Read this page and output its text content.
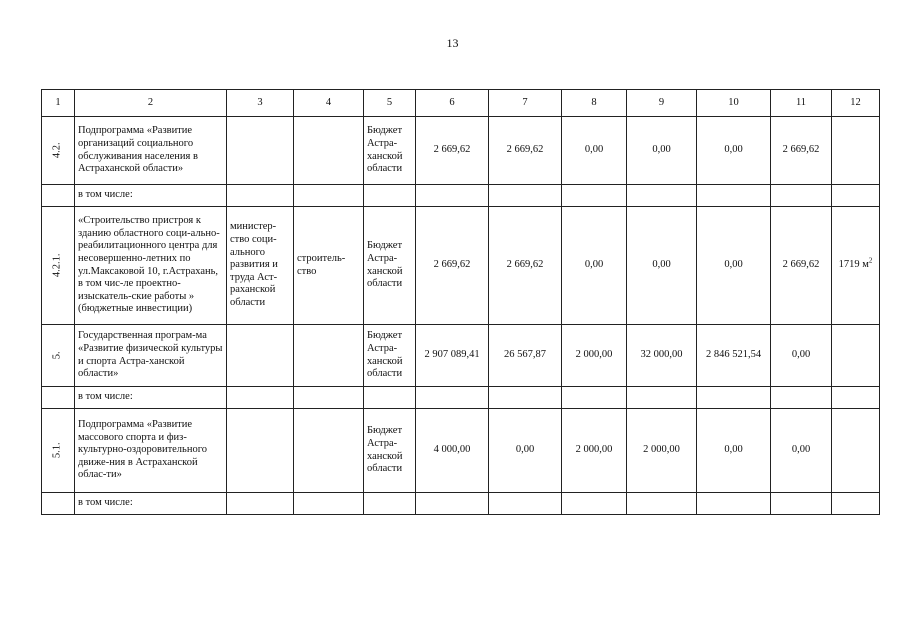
13
1	2	3	4	5	6	7	8	9	10	11	12
4.2.	Подпрограмма «Развитие организаций социального обслуживания населения в Астраханской области»			Бюджет Астра-ханской области	2 669,62	2 669,62	0,00	0,00	0,00	2 669,62	
	в том числе:										
4.2.1.	«Строительство пристроя к зданию областного соци-ально-реабилитационного центра для несовершенно-летних по ул.Максаковой 10, г.Астрахань, в том чис-ле проектно- изыскатель-ские работы » (бюджетные инвестиции)	министер-ство соци-ального развития и труда Аст-раханской области	строитель-ство	Бюджет Астра-ханской области	2 669,62	2 669,62	0,00	0,00	0,00	2 669,62	1719 $м^2$
5.	Государственная програм-ма «Развитие физической культуры и спорта Астра-ханской области»			Бюджет Астра-ханской области	2 907 089,41	26 567,87	2 000,00	32 000,00	2 846 521,54	0,00	
	в том числе:										
5.1.	Подпрограмма «Развитие массового спорта и физ-культурно-оздоровительного движе-ния в Астраханской облас-ти»			Бюджет Астра-ханской области	4 000,00	0,00	2 000,00	2 000,00	0,00	0,00	
	в том числе:										
